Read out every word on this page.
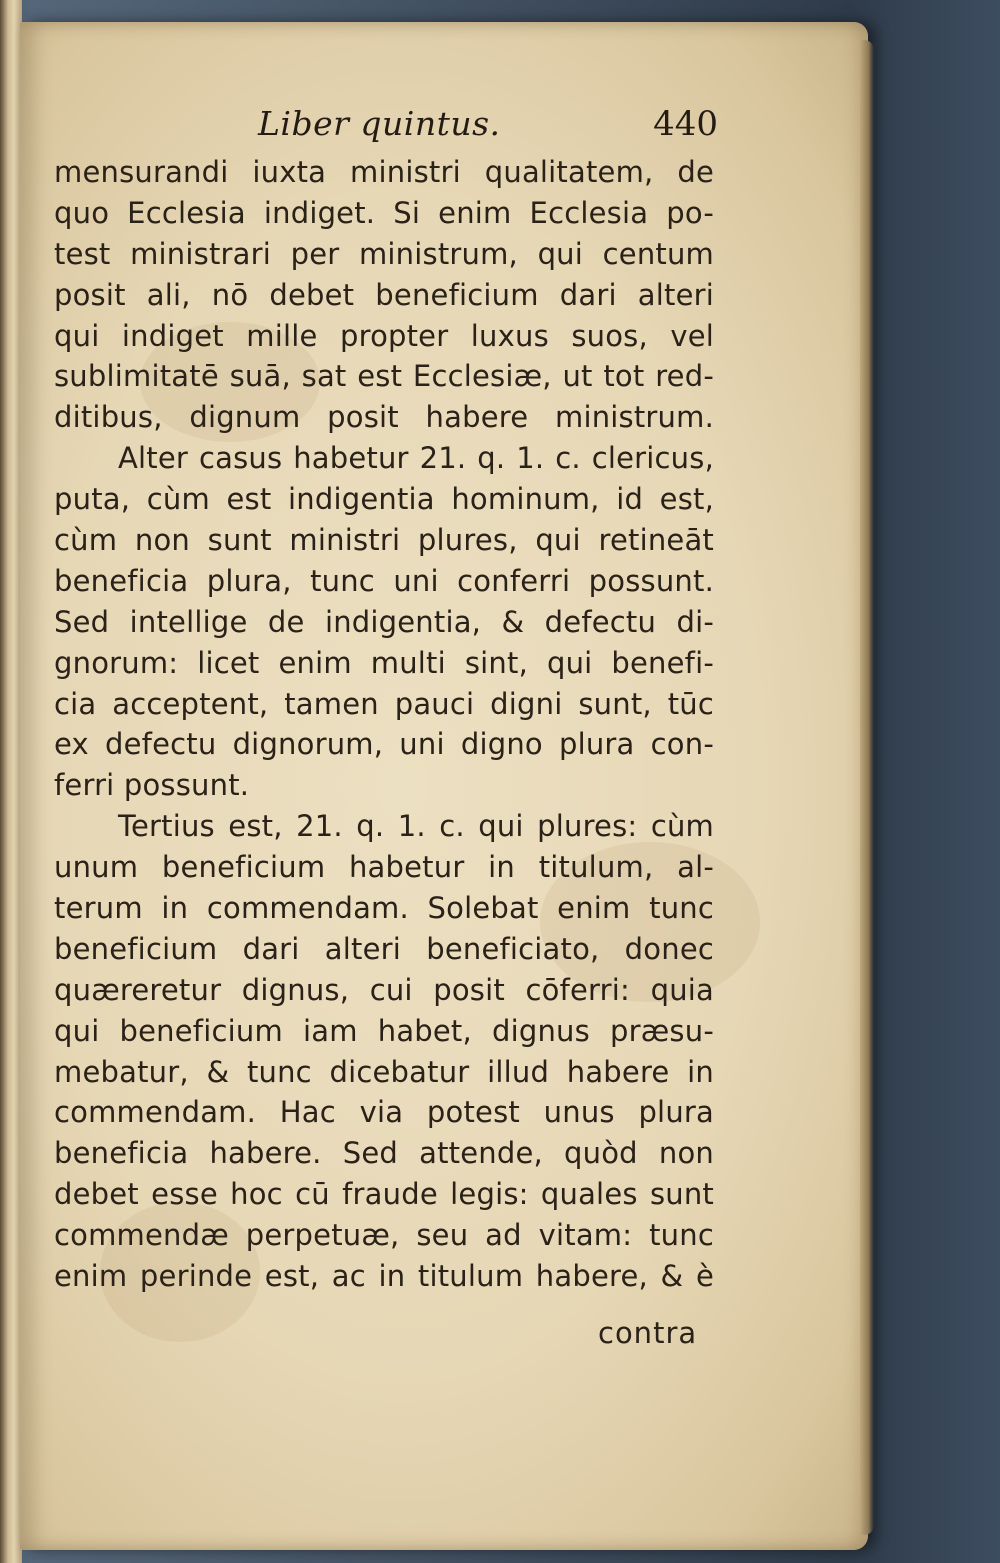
Liber quintus.	440
mensurandi iuxta ministri qualitatem, de
quo Ecclesia indiget. Si enim Ecclesia po-
test ministrari per ministrum, qui centum
posit ali, nō debet beneficium dari alteri
qui indiget mille propter luxus suos, vel
sublimitatē suā, sat est Ecclesiæ, ut tot red-
ditibus, dignum posit habere ministrum.
Alter casus habetur 21. q. 1. c. clericus,
puta, cùm est indigentia hominum, id est,
cùm non sunt ministri plures, qui retineāt
beneficia plura, tunc uni conferri possunt.
Sed intellige de indigentia, & defectu di-
gnorum: licet enim multi sint, qui benefi-
cia acceptent, tamen pauci digni sunt, tūc
ex defectu dignorum, uni digno plura con-
ferri possunt.
Tertius est, 21. q. 1. c. qui plures: cùm
unum beneficium habetur in titulum, al-
terum in commendam. Solebat enim tunc
beneficium dari alteri beneficiato, donec
quæreretur dignus, cui posit cōferri: quia
qui beneficium iam habet, dignus præsu-
mebatur, & tunc dicebatur illud habere in
commendam. Hac via potest unus plura
beneficia habere. Sed attende, quòd non
debet esse hoc cū fraude legis: quales sunt
commendæ perpetuæ, seu ad vitam: tunc
enim perinde est, ac in titulum habere, & è
contra
